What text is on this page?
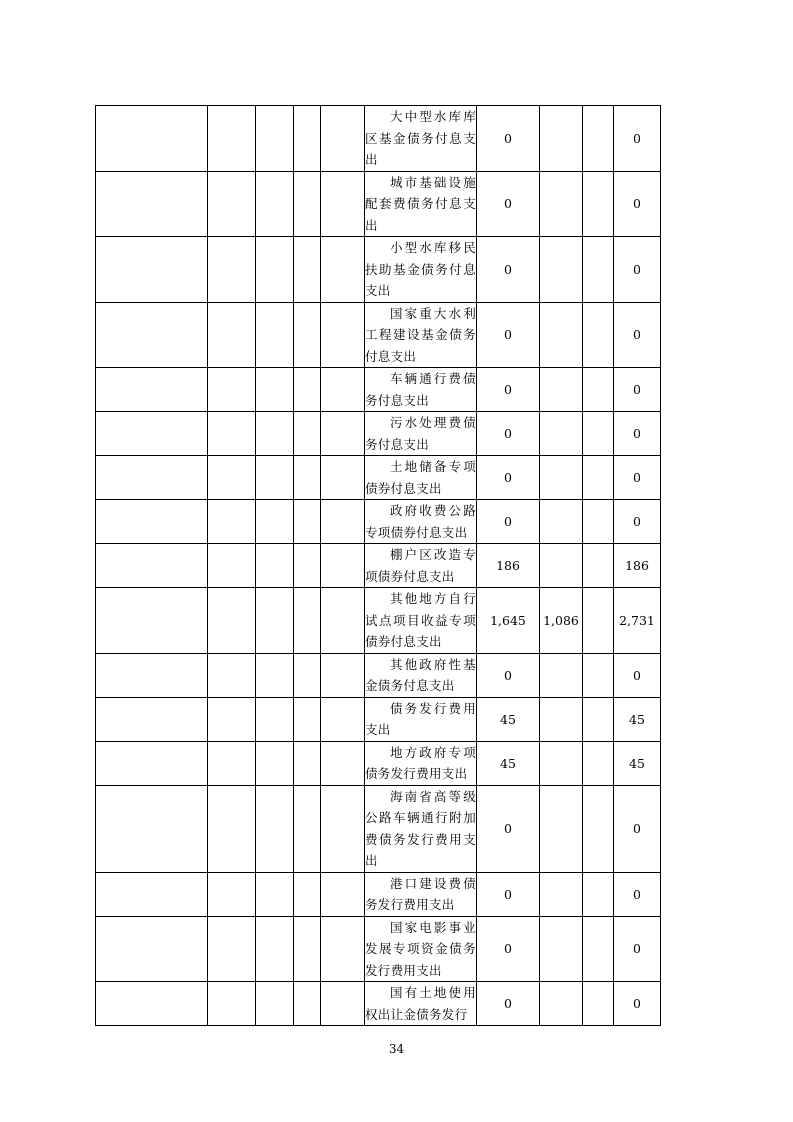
					大中型水库库区基金债务付息支出	0			0
					城市基础设施配套费债务付息支出	0			0
					小型水库移民扶助基金债务付息支出	0			0
					国家重大水利工程建设基金债务付息支出	0			0
					车辆通行费债务付息支出	0			0
					污水处理费债务付息支出	0			0
					土地储备专项债券付息支出	0			0
					政府收费公路专项债券付息支出	0			0
					棚户区改造专项债券付息支出	186			186
					其他地方自行试点项目收益专项债券付息支出	1,645	1,086		2,731
					其他政府性基金债务付息支出	0			0
					债务发行费用支出	45			45
					地方政府专项债务发行费用支出	45			45
					海南省高等级公路车辆通行附加费债务发行费用支出	0			0
					港口建设费债务发行费用支出	0			0
					国家电影事业发展专项资金债务发行费用支出	0			0
					国有土地使用权出让金债务发行	0			0
34
